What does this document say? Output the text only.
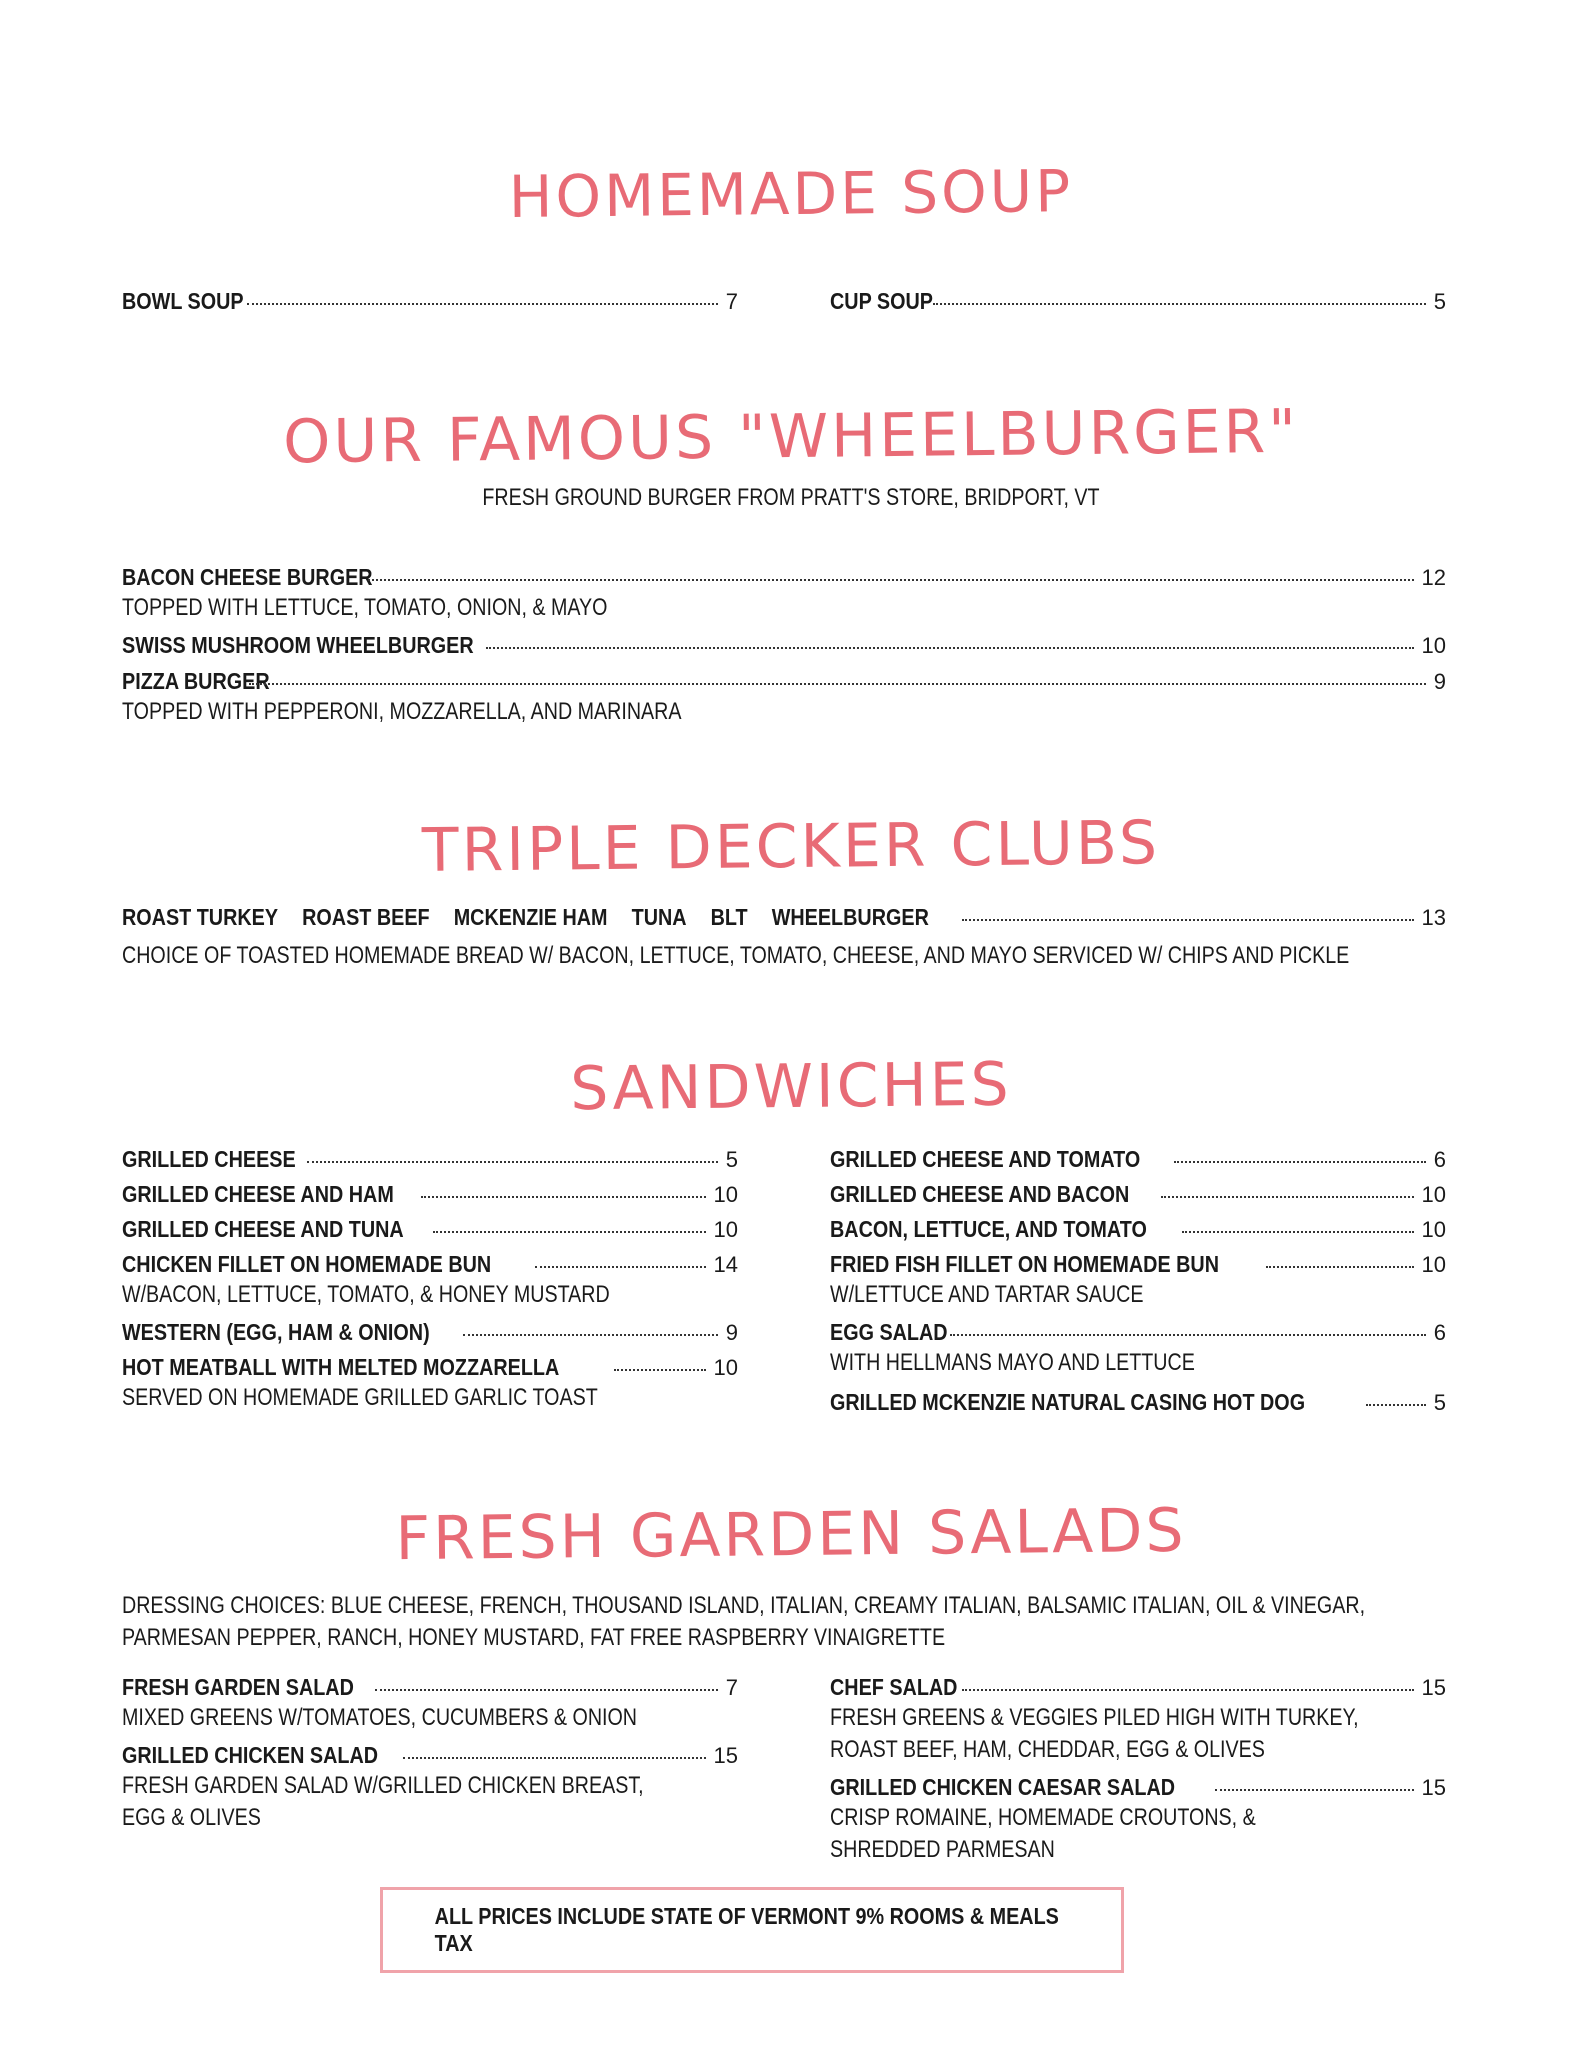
HOMEMADE SOUP
BOWL SOUP	7	CUP SOUP	5
OUR FAMOUS "WHEELBURGER"

FRESH GROUND BURGER FROM PRATT'S STORE, BRIDPORT, VT

BACON CHEESE BURGER	12
TOPPED WITH LETTUCE, TOMATO, ONION, & MAYO
SWISS MUSHROOM WHEELBURGER	10
PIZZA BURGER	9
TOPPED WITH PEPPERONI, MOZZARELLA, AND MARINARA
TRIPLE DECKER CLUBS
ROAST TURKEY ROAST BEEF MCKENZIE HAM TUNA BLT WHEELBURGER	13
CHOICE OF TOASTED HOMEMADE BREAD W/ BACON, LETTUCE, TOMATO, CHEESE, AND MAYO SERVICED W/ CHIPS AND PICKLE
SANDWICHES
GRILLED CHEESE	5
GRILLED CHEESE AND HAM	10
GRILLED CHEESE AND TUNA	10
CHICKEN FILLET ON HOMEMADE BUN	14
W/BACON, LETTUCE, TOMATO, & HONEY MUSTARD
WESTERN (EGG, HAM & ONION)	9
HOT MEATBALL WITH MELTED MOZZARELLA	10
SERVED ON HOMEMADE GRILLED GARLIC TOAST
GRILLED CHEESE AND TOMATO	6
GRILLED CHEESE AND BACON	10
BACON, LETTUCE, AND TOMATO	10
FRIED FISH FILLET ON HOMEMADE BUN	10
W/LETTUCE AND TARTAR SAUCE
EGG SALAD	6
WITH HELLMANS MAYO AND LETTUCE
GRILLED MCKENZIE NATURAL CASING HOT DOG	5
FRESH GARDEN SALADS
DRESSING CHOICES: BLUE CHEESE, FRENCH, THOUSAND ISLAND, ITALIAN, CREAMY ITALIAN, BALSAMIC ITALIAN, OIL & VINEGAR,
PARMESAN PEPPER, RANCH, HONEY MUSTARD, FAT FREE RASPBERRY VINAIGRETTE
FRESH GARDEN SALAD	7
MIXED GREENS W/TOMATOES, CUCUMBERS & ONION
GRILLED CHICKEN SALAD	15
FRESH GARDEN SALAD W/GRILLED CHICKEN BREAST,
EGG & OLIVES
CHEF SALAD	15
FRESH GREENS & VEGGIES PILED HIGH WITH TURKEY,
ROAST BEEF, HAM, CHEDDAR, EGG & OLIVES
GRILLED CHICKEN CAESAR SALAD	15
CRISP ROMAINE, HOMEMADE CROUTONS, &
SHREDDED PARMESAN
ALL PRICES INCLUDE STATE OF VERMONT 9% ROOMS & MEALS TAX
